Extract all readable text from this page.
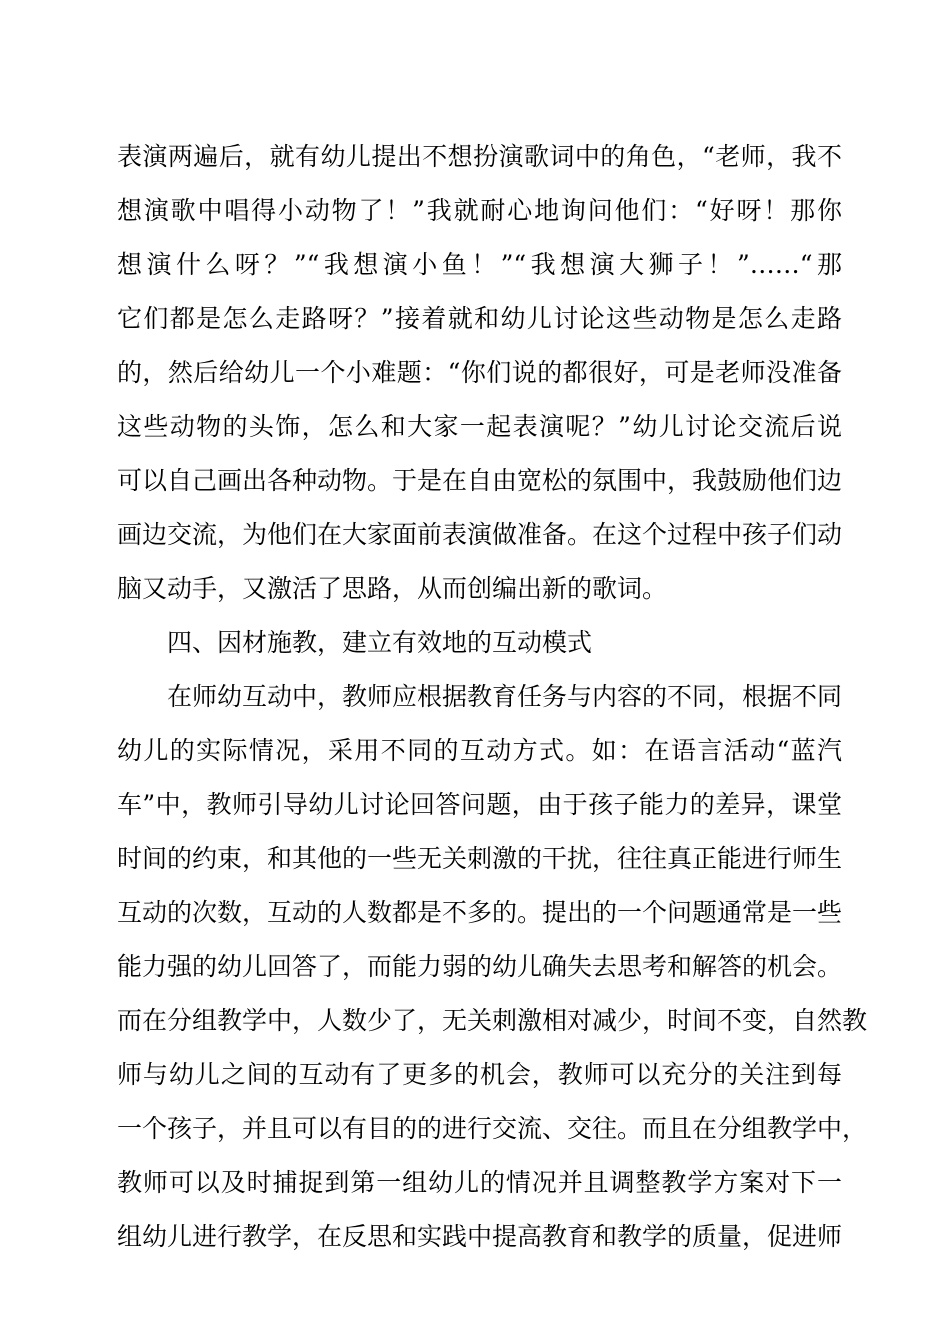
表演两遍后，就有幼儿提出不想扮演歌词中的角色，“老师，我不
想演歌中唱得小动物了！”我就耐心地询问他们：“好呀！那你
想演什么呀？”“我想演小鱼！”“我想演大狮子！”……“那
它们都是怎么走路呀？”接着就和幼儿讨论这些动物是怎么走路
的，然后给幼儿一个小难题：“你们说的都很好，可是老师没准备
这些动物的头饰，怎么和大家一起表演呢？”幼儿讨论交流后说
可以自己画出各种动物。于是在自由宽松的氛围中，我鼓励他们边
画边交流，为他们在大家面前表演做准备。在这个过程中孩子们动
脑又动手，又激活了思路，从而创编出新的歌词。
四、因材施教，建立有效地的互动模式
在师幼互动中，教师应根据教育任务与内容的不同，根据不同
幼儿的实际情况，采用不同的互动方式。如：在语言活动“蓝汽
车”中，教师引导幼儿讨论回答问题，由于孩子能力的差异，课堂
时间的约束，和其他的一些无关刺激的干扰，往往真正能进行师生
互动的次数，互动的人数都是不多的。提出的一个问题通常是一些
能力强的幼儿回答了，而能力弱的幼儿确失去思考和解答的机会。
而在分组教学中，人数少了，无关刺激相对减少，时间不变，自然教
师与幼儿之间的互动有了更多的机会，教师可以充分的关注到每
一个孩子，并且可以有目的的进行交流、交往。而且在分组教学中，
教师可以及时捕捉到第一组幼儿的情况并且调整教学方案对下一
组幼儿进行教学，在反思和实践中提高教育和教学的质量，促进师
